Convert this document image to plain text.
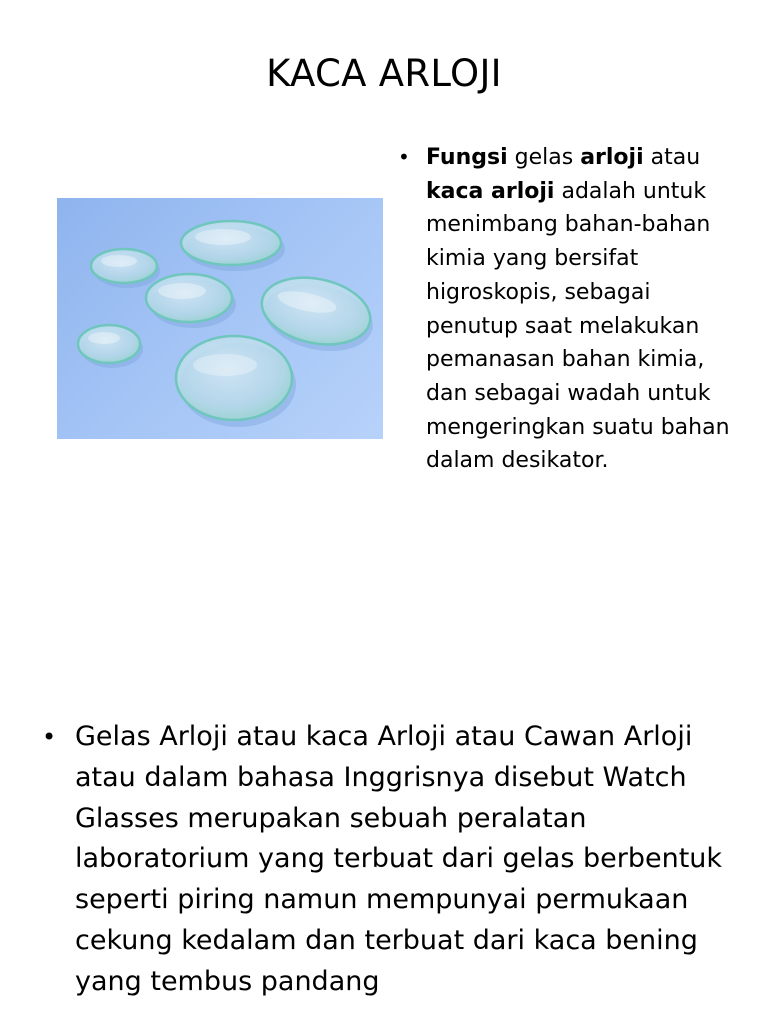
KACA ARLOJI
• Fungsi gelas arloji atau kaca arloji adalah untuk menimbang bahan-bahan kimia yang bersifat higroskopis, sebagai penutup saat melakukan pemanasan bahan kimia, dan sebagai wadah untuk mengeringkan suatu bahan dalam desikator.
• Gelas Arloji atau kaca Arloji atau Cawan Arloji atau dalam bahasa Inggrisnya disebut Watch Glasses merupakan sebuah peralatan laboratorium yang terbuat dari gelas berbentuk seperti piring namun mempunyai permukaan cekung kedalam dan terbuat dari kaca bening yang tembus pandang
